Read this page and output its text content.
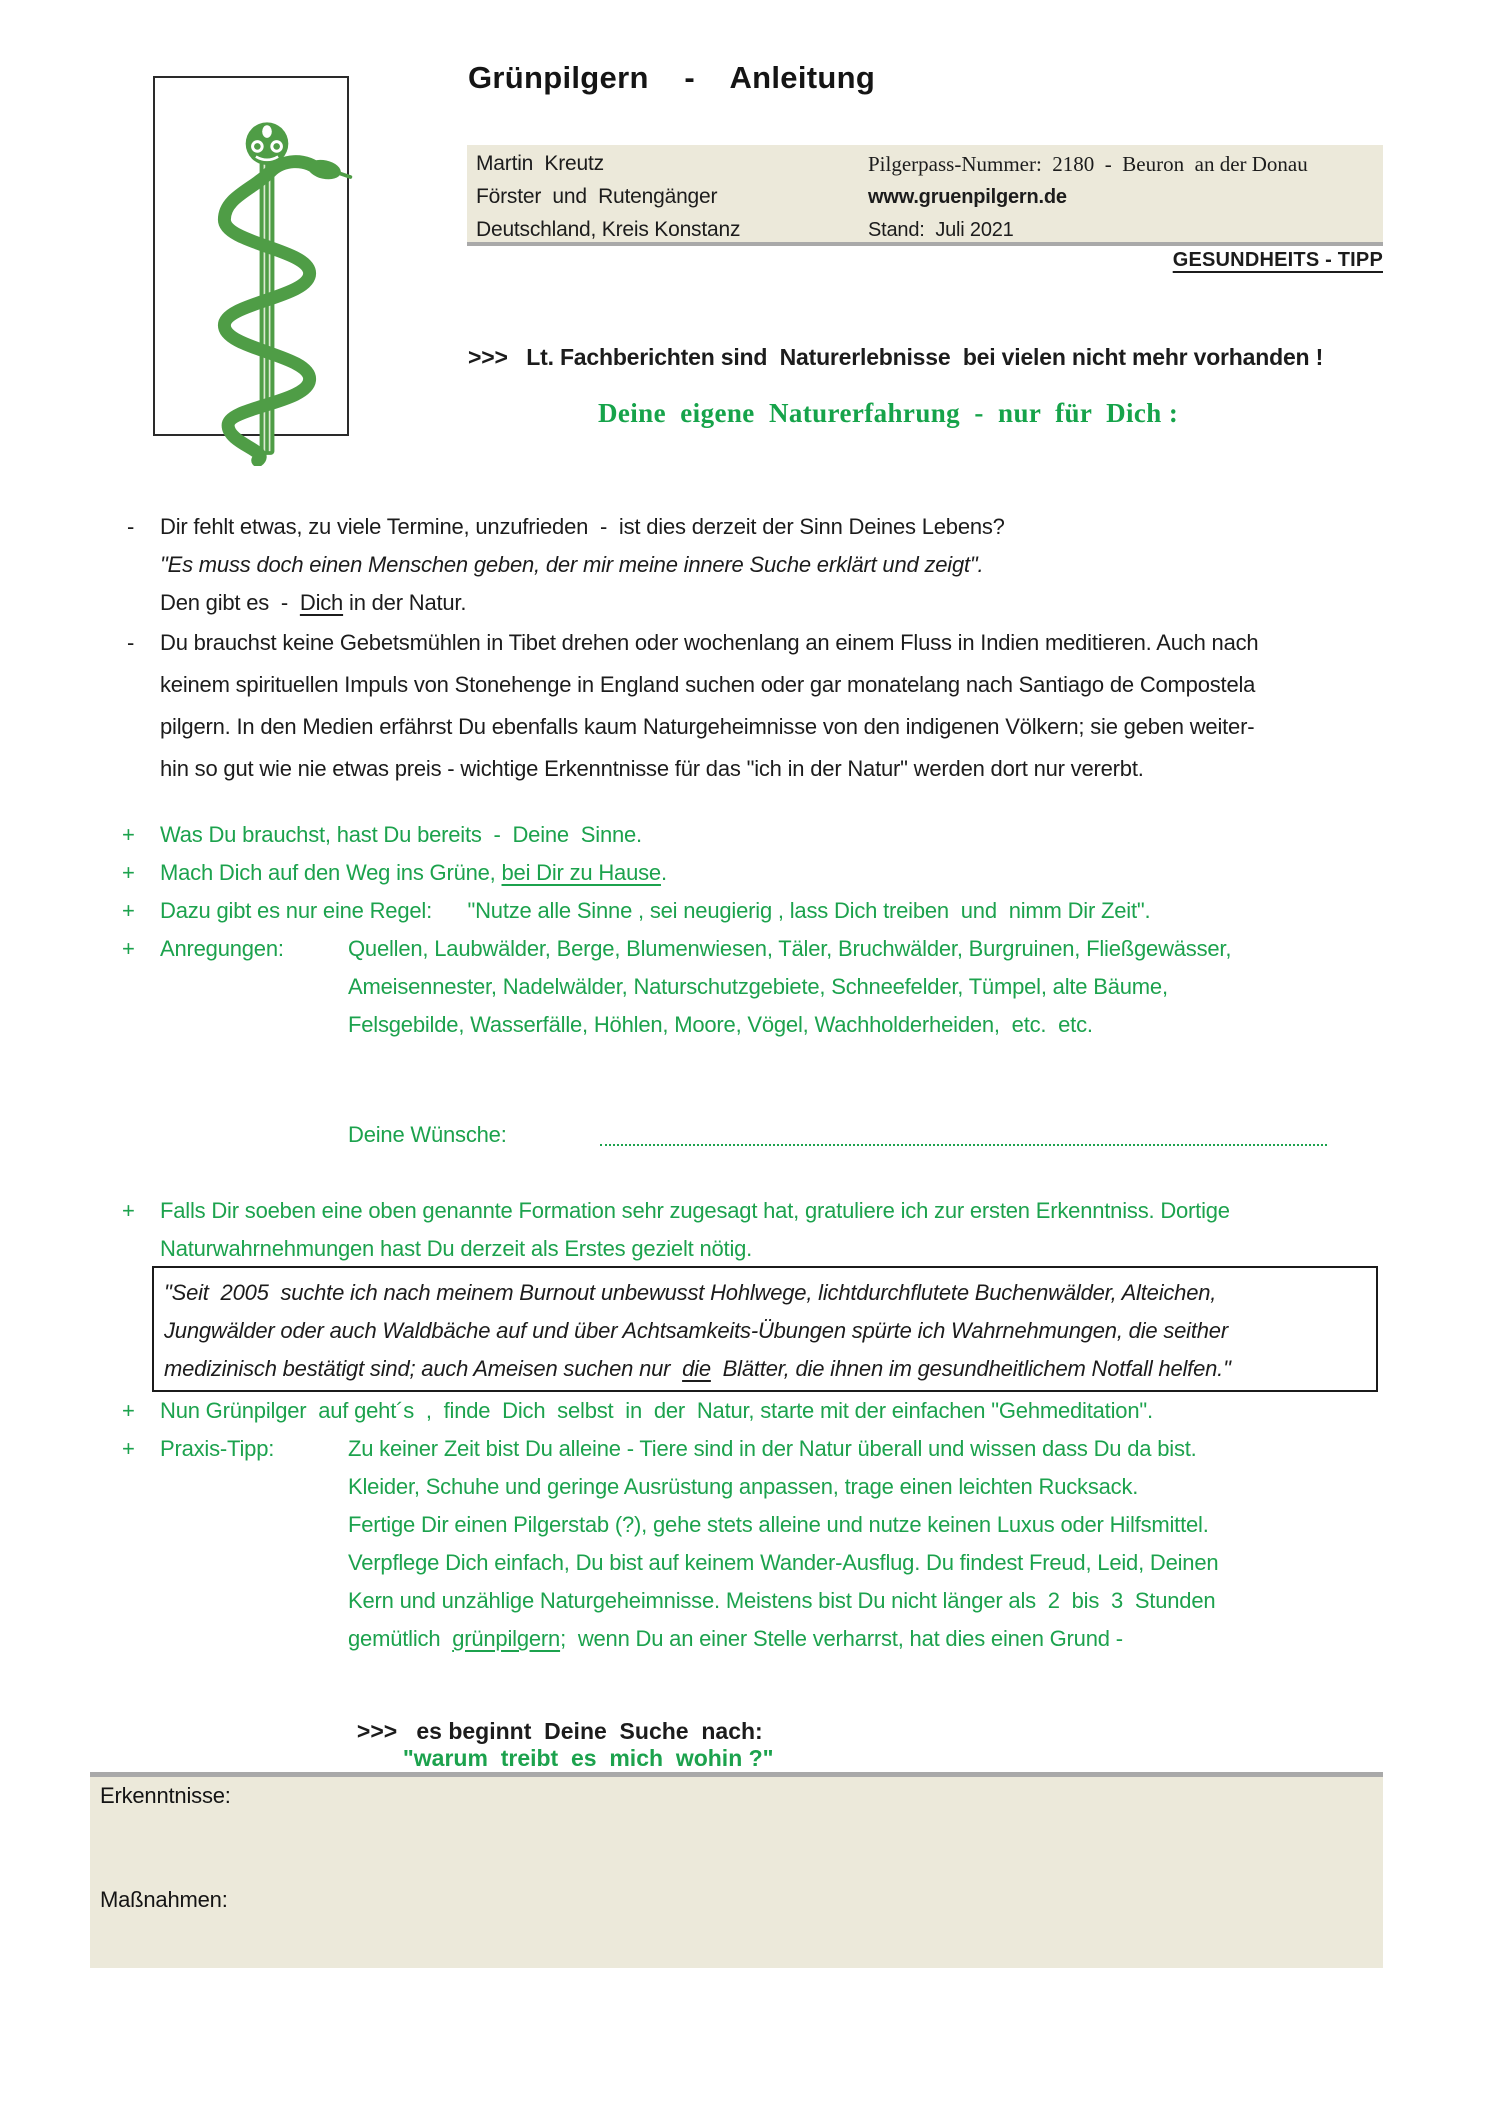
Grünpilgern    -    Anleitung

Martin  Kreutz

Förster  und  Rutengänger

Deutschland, Kreis Konstanz

Pilgerpass-Nummer:  2180  -  Beuron  an der Donau

www.gruenpilgern.de

Stand:  Juli 2021

GESUNDHEITS - TIPP
>>>   Lt. Fachberichten sind  Naturerlebnisse  bei vielen nicht mehr vorhanden !
Deine  eigene  Naturerfahrung  -  nur  für  Dich :
- Dir fehlt etwas, zu viele Termine, unzufrieden  -  ist dies derzeit der Sinn Deines Lebens?
"Es muss doch einen Menschen geben, der mir meine innere Suche erklärt und zeigt".
Den gibt es  -  Dich in der Natur.
- Du brauchst keine Gebetsmühlen in Tibet drehen oder wochenlang an einem Fluss in Indien meditieren. Auch nach
keinem spirituellen Impuls von Stonehenge in England suchen oder gar monatelang nach Santiago de Compostela
pilgern. In den Medien erfährst Du ebenfalls kaum Naturgeheimnisse von den indigenen Völkern; sie geben weiter-
hin so gut wie nie etwas preis - wichtige Erkenntnisse für das "ich in der Natur" werden dort nur vererbt.
+ Was Du brauchst, hast Du bereits  -  Deine  Sinne.
+ Mach Dich auf den Weg ins Grüne, bei Dir zu Hause.
+ Dazu gibt es nur eine Regel:      "Nutze alle Sinne , sei neugierig , lass Dich treiben  und  nimm Dir Zeit".
+ Anregungen:	Quellen, Laubwälder, Berge, Blumenwiesen, Täler, Bruchwälder, Burgruinen, Fließgewässer,
Ameisennester, Nadelwälder, Naturschutzgebiete, Schneefelder, Tümpel, alte Bäume,
Felsgebilde, Wasserfälle, Höhlen, Moore, Vögel, Wachholderheiden,  etc.  etc.
Deine Wünsche:
+ Falls Dir soeben eine oben genannte Formation sehr zugesagt hat, gratuliere ich zur ersten Erkenntniss. Dortige
Naturwahrnehmungen hast Du derzeit als Erstes gezielt nötig.

"Seit  2005  suchte ich nach meinem Burnout unbewusst Hohlwege, lichtdurchflutete Buchenwälder, Alteichen,

Jungwälder oder auch Waldbäche auf und über Achtsamkeits-Übungen spürte ich Wahrnehmungen, die seither

medizinisch bestätigt sind; auch Ameisen suchen nur  die  Blätter, die ihnen im gesundheitlichem Notfall helfen."

+ Nun Grünpilger  auf geht´s  ,  finde  Dich  selbst  in  der  Natur, starte mit der einfachen "Gehmeditation".
+ Praxis-Tipp:	Zu keiner Zeit bist Du alleine - Tiere sind in der Natur überall und wissen dass Du da bist.
Kleider, Schuhe und geringe Ausrüstung anpassen, trage einen leichten Rucksack.
Fertige Dir einen Pilgerstab (?), gehe stets alleine und nutze keinen Luxus oder Hilfsmittel.
Verpflege Dich einfach, Du bist auf keinem Wander-Ausflug. Du findest Freud, Leid, Deinen
Kern und unzählige Naturgeheimnisse. Meistens bist Du nicht länger als  2  bis  3  Stunden
gemütlich  grünpilgern;  wenn Du an einer Stelle verharrst, hat dies einen Grund -

>>>   es beginnt  Deine  Suche  nach:
"warum  treibt  es  mich  wohin ?"

Erkenntnisse:

Maßnahmen:
